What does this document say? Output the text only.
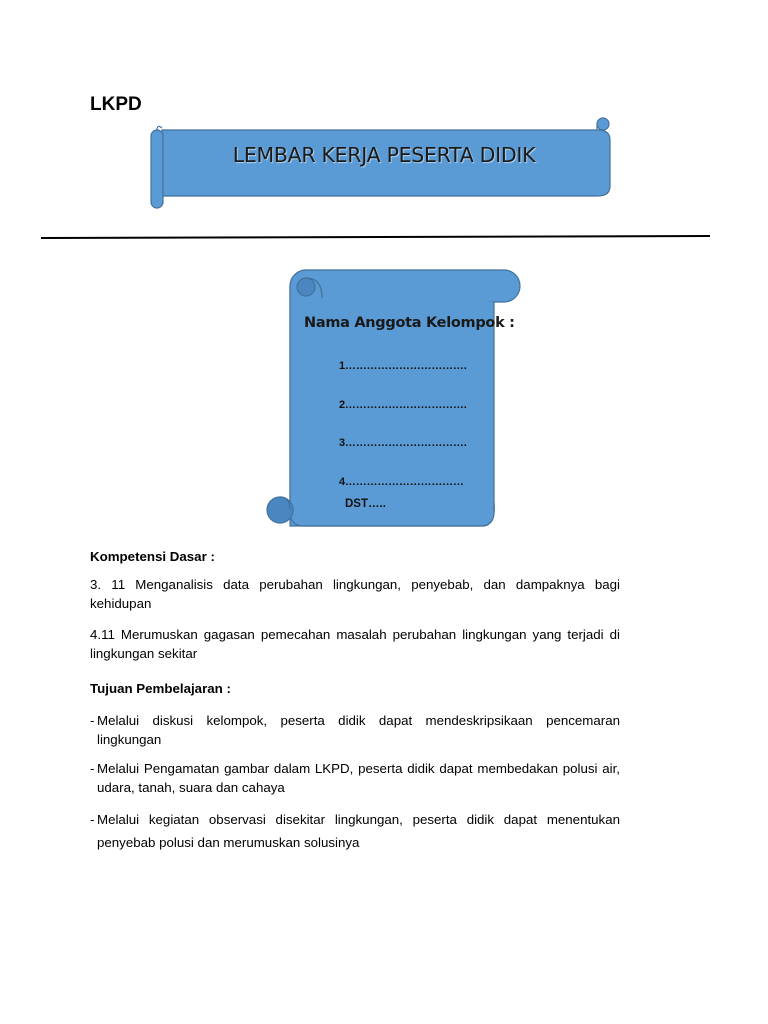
LKPD
LEMBAR KERJA PESERTA DIDIK
Nama Anggota Kelompok :
1…………………………….
2…………………………….
3…………………………….
4……………………………
DST…..
Kompetensi Dasar :
3. 11 Menganalisis data perubahan lingkungan, penyebab, dan dampaknya bagi kehidupan
4.11 Merumuskan gagasan pemecahan masalah perubahan lingkungan yang terjadi di lingkungan sekitar
Tujuan Pembelajaran :
- Melalui diskusi kelompok, peserta didik dapat mendeskripsikaan pencemaran lingkungan
- Melalui Pengamatan gambar dalam LKPD, peserta didik dapat membedakan polusi air, udara, tanah, suara dan cahaya
- Melalui kegiatan observasi disekitar lingkungan, peserta didik dapat menentukan penyebab polusi dan merumuskan solusinya
